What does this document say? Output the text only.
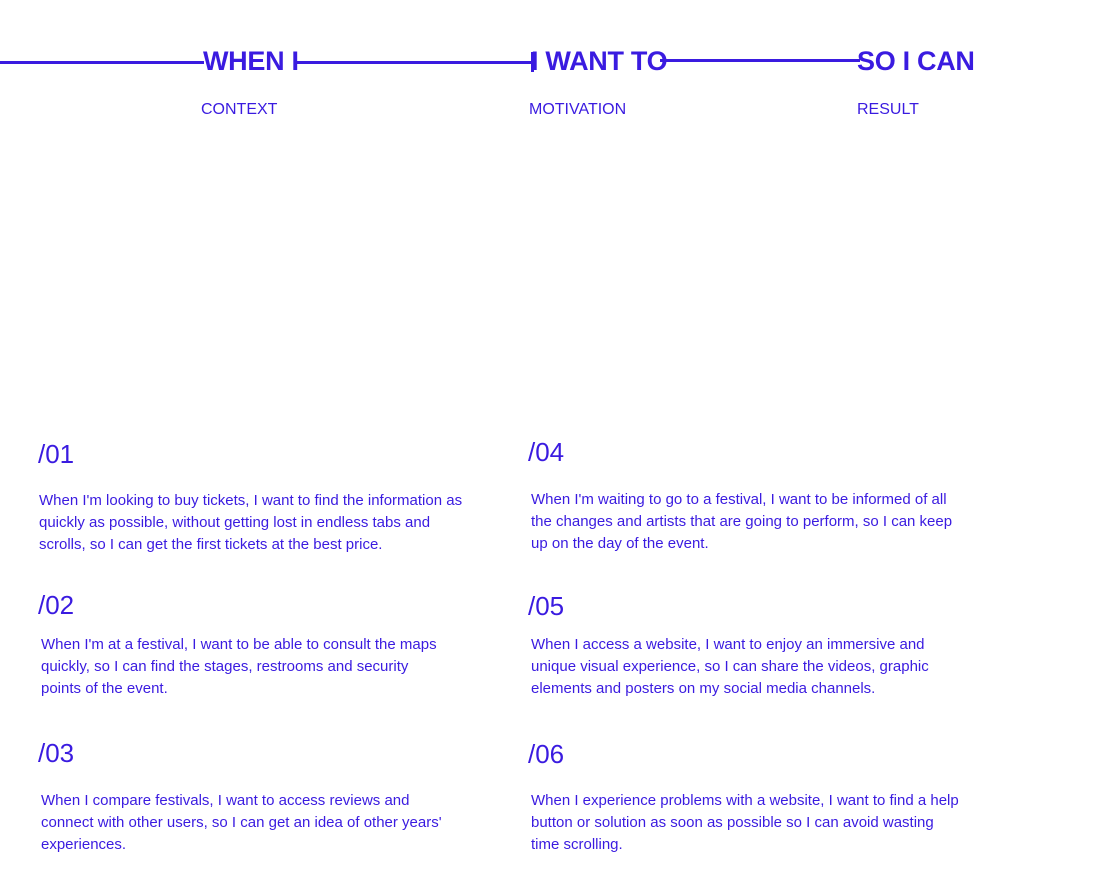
WHEN I	I WANT TO	SO I CAN
CONTEXT	MOTIVATION	RESULT
/01
When I'm looking to buy tickets, I want to find the information as quickly as possible, without getting lost in endless tabs and scrolls, so I can get the first tickets at the best price.
/02
When I'm at a festival, I want to be able to consult the maps quickly, so I can find the stages, restrooms and security points of the event.
/03
When I compare festivals, I want to access reviews and connect with other users, so I can get an idea of other years' experiences.
/04
When I'm waiting to go to a festival, I want to be informed of all the changes and artists that are going to perform, so I can keep up on the day of the event.
/05
When I access a website, I want to enjoy an immersive and unique visual experience, so I can share the videos, graphic elements and posters on my social media channels.
/06
When I experience problems with a website, I want to find a help button or solution as soon as possible so I can avoid wasting time scrolling.
